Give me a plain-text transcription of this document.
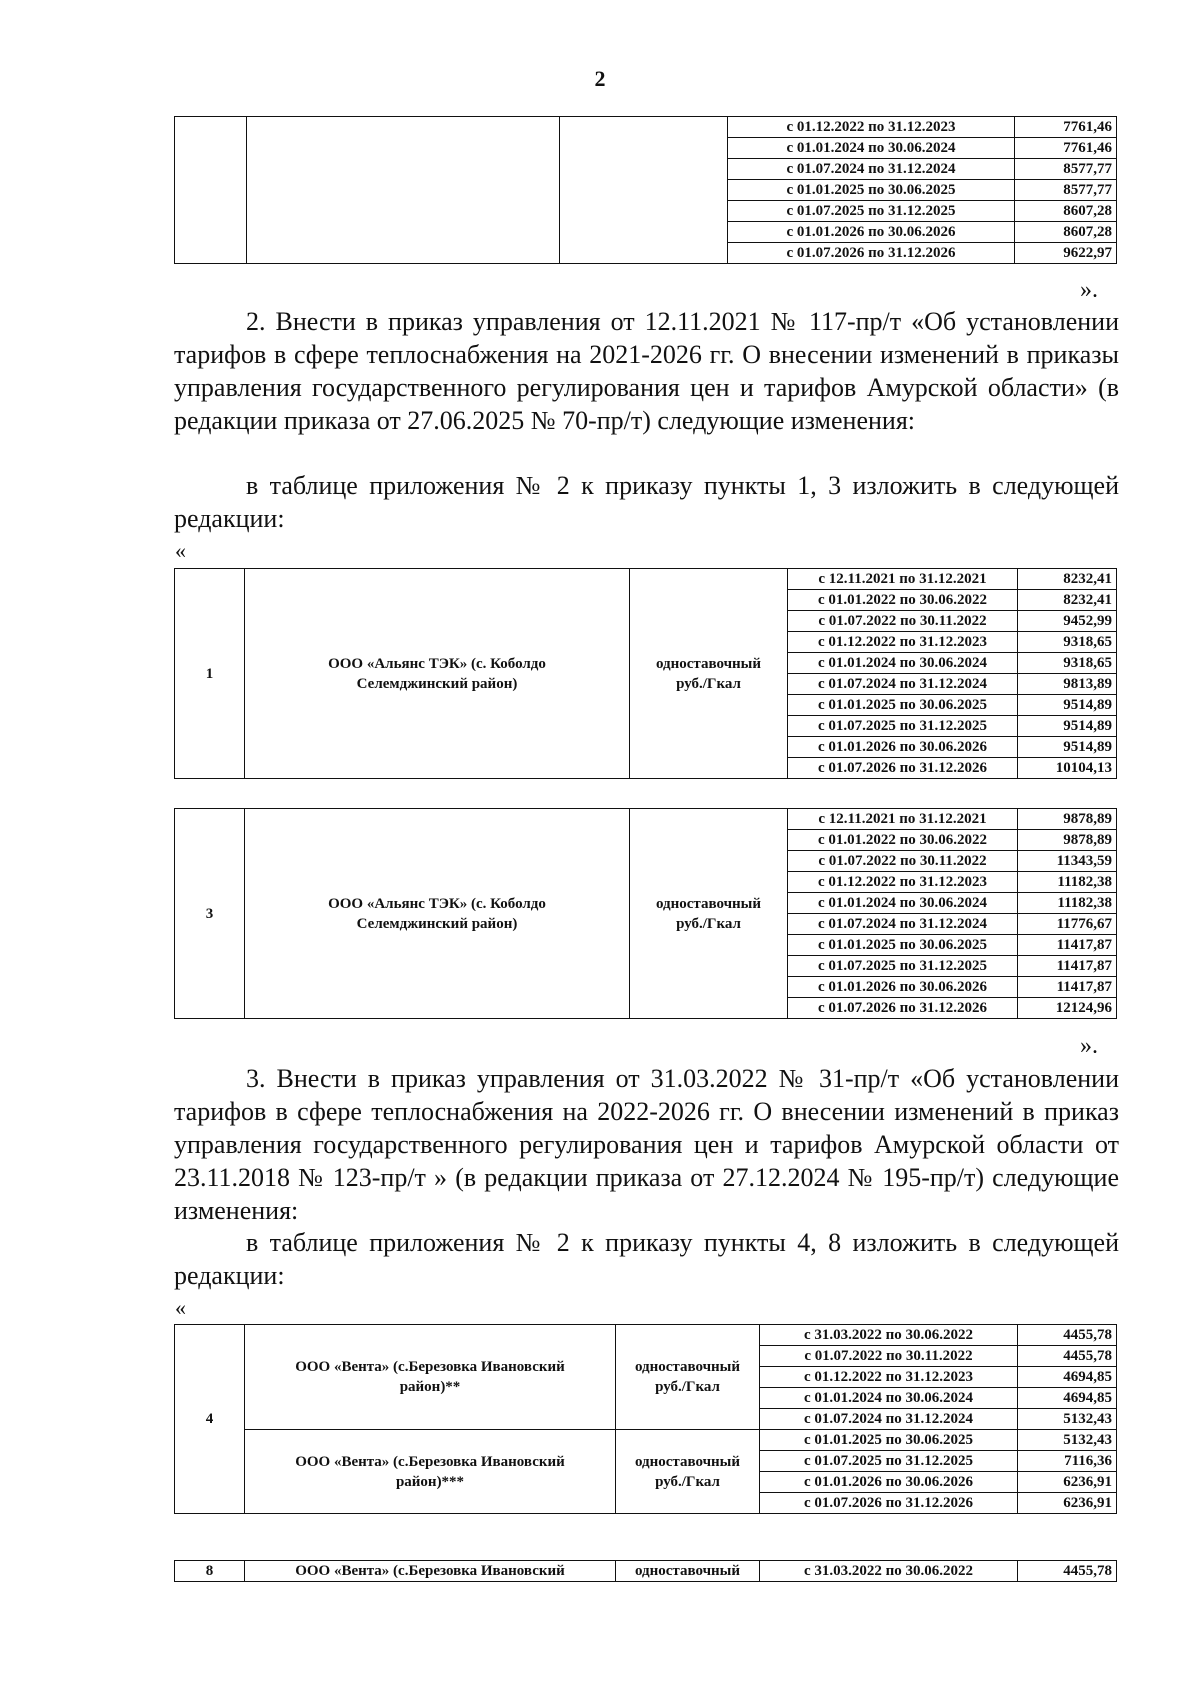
2
			с 01.12.2022 по 31.12.2023	7761,46
			с 01.01.2024 по 30.06.2024	7761,46
			с 01.07.2024 по 31.12.2024	8577,77
			с 01.01.2025 по 30.06.2025	8577,77
			с 01.07.2025 по 31.12.2025	8607,28
			с 01.01.2026 по 30.06.2026	8607,28
			с 01.07.2026 по 31.12.2026	9622,97
».

2. Внести в приказ управления от 12.11.2021 № 117-пр/т «Об установлении тарифов в сфере теплоснабжения на 2021-2026 гг. О внесении изменений в приказы управления государственного регулирования цен и тарифов Амурской области» (в редакции приказа от 27.06.2025 № 70-пр/т) следующие изменения:

в таблице приложения № 2 к приказу пункты 1, 3 изложить в следующей редакции:

«
1	ООО «Альянс ТЭК» (с. Коболдо Селемджинский район)	одноставочный руб./Гкал	с 12.11.2021 по 31.12.2021	8232,41
			с 01.01.2022 по 30.06.2022	8232,41
			с 01.07.2022 по 30.11.2022	9452,99
			с 01.12.2022 по 31.12.2023	9318,65
			с 01.01.2024 по 30.06.2024	9318,65
			с 01.07.2024 по 31.12.2024	9813,89
			с 01.01.2025 по 30.06.2025	9514,89
			с 01.07.2025 по 31.12.2025	9514,89
			с 01.01.2026 по 30.06.2026	9514,89
			с 01.07.2026 по 31.12.2026	10104,13
3	ООО «Альянс ТЭК» (с. Коболдо Селемджинский район)	одноставочный руб./Гкал	с 12.11.2021 по 31.12.2021	9878,89
			с 01.01.2022 по 30.06.2022	9878,89
			с 01.07.2022 по 30.11.2022	11343,59
			с 01.12.2022 по 31.12.2023	11182,38
			с 01.01.2024 по 30.06.2024	11182,38
			с 01.07.2024 по 31.12.2024	11776,67
			с 01.01.2025 по 30.06.2025	11417,87
			с 01.07.2025 по 31.12.2025	11417,87
			с 01.01.2026 по 30.06.2026	11417,87
			с 01.07.2026 по 31.12.2026	12124,96
».

3. Внести в приказ управления от 31.03.2022 № 31-пр/т «Об установлении тарифов в сфере теплоснабжения на 2022-2026 гг. О внесении изменений в приказ управления государственного регулирования цен и тарифов Амурской области от 23.11.2018 № 123-пр/т » (в редакции приказа от 27.12.2024 № 195-пр/т) следующие изменения:

в таблице приложения № 2 к приказу пункты 4, 8 изложить в следующей редакции:

«
4	ООО «Вента» (с.Березовка Ивановский район)**	одноставочный руб./Гкал	с 31.03.2022 по 30.06.2022	4455,78
			с 01.07.2022 по 30.11.2022	4455,78
			с 01.12.2022 по 31.12.2023	4694,85
			с 01.01.2024 по 30.06.2024	4694,85
			с 01.07.2024 по 31.12.2024	5132,43

	ООО «Вента» (с.Березовка Ивановский район)***	одноставочный руб./Гкал	с 01.01.2025 по 30.06.2025	5132,43
			с 01.07.2025 по 31.12.2025	7116,36
			с 01.01.2026 по 30.06.2026	6236,91
			с 01.07.2026 по 31.12.2026	6236,91
8	ООО «Вента» (с.Березовка Ивановский	одноставочный	с 31.03.2022 по 30.06.2022	4455,78
